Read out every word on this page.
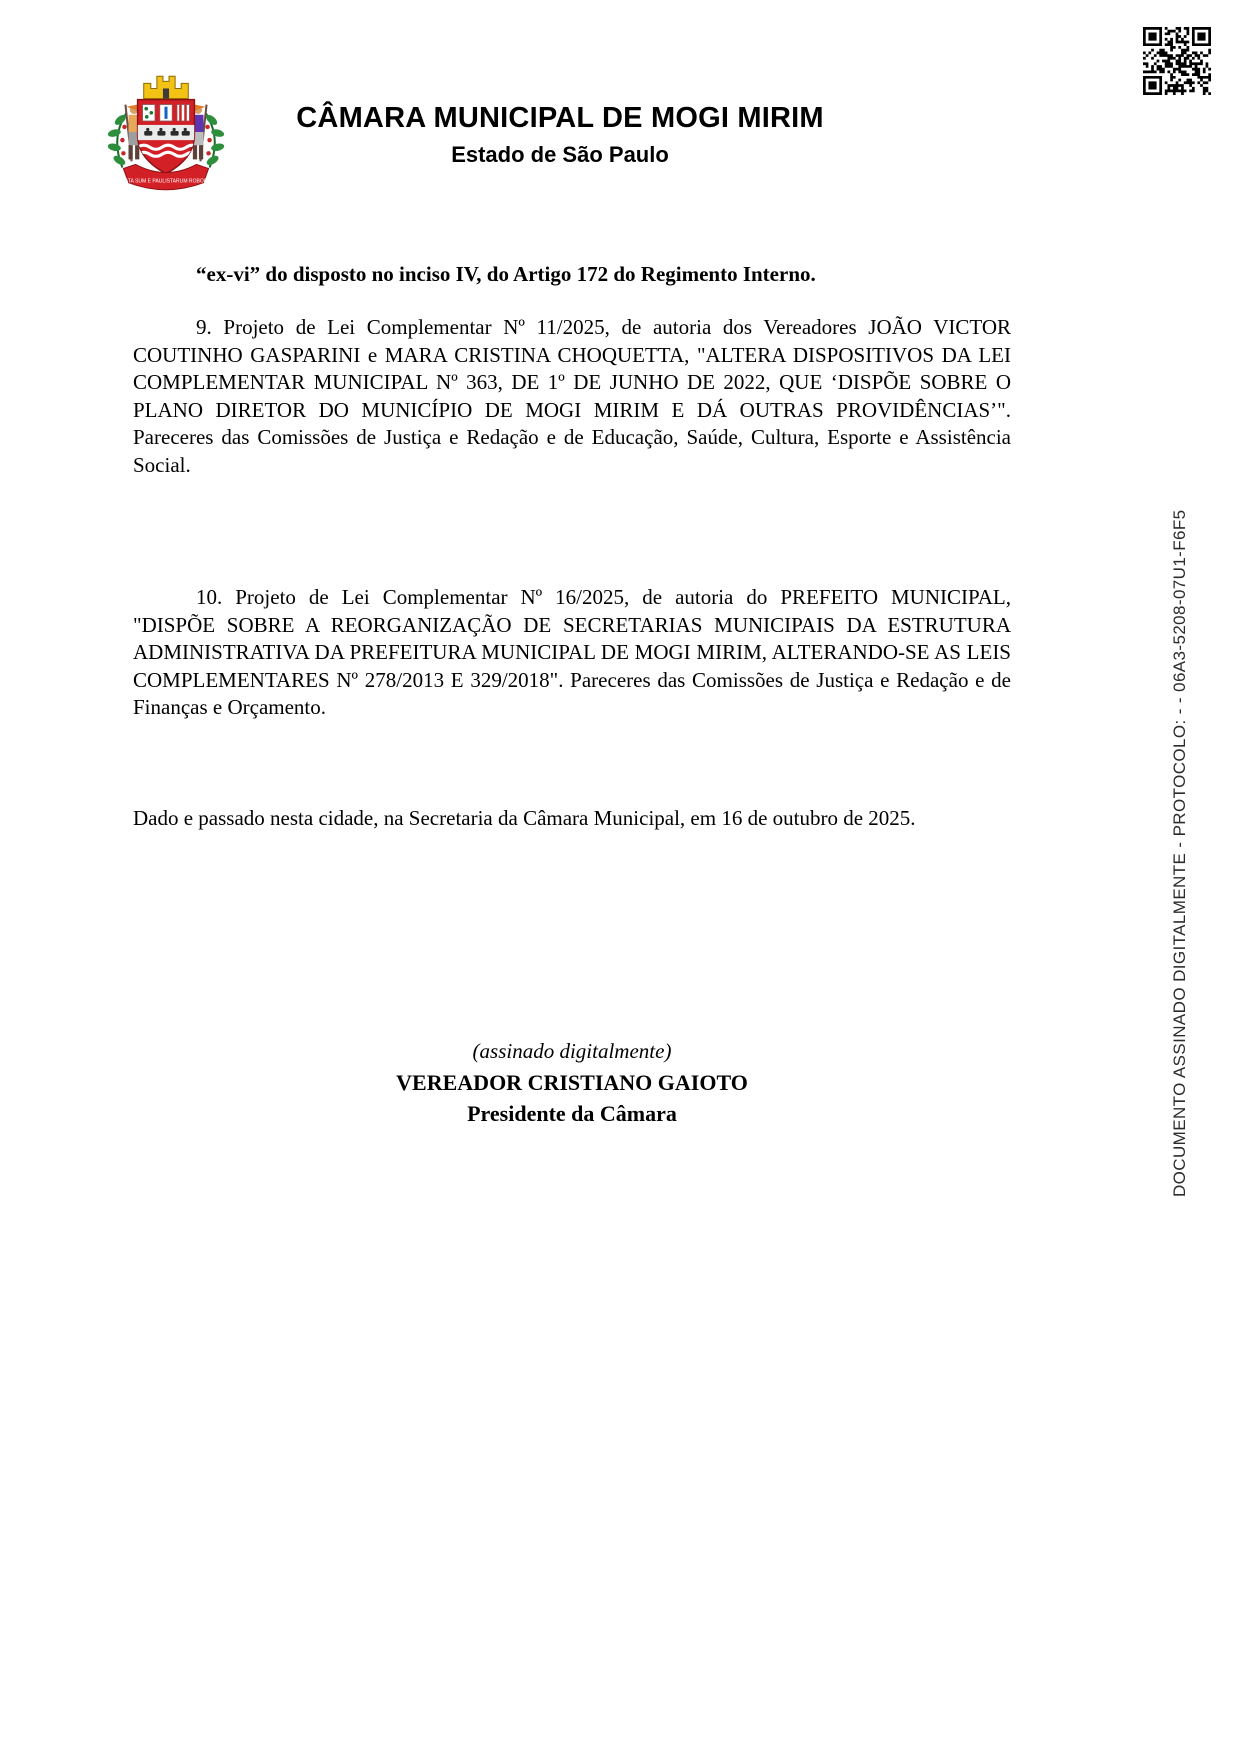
NATA SUM E PAULISTARUM ROBORE
CÂMARA MUNICIPAL DE MOGI MIRIM
Estado de São Paulo

“ex-vi” do disposto no inciso IV, do Artigo 172 do Regimento Interno.

9. Projeto de Lei Complementar Nº 11/2025, de autoria dos Vereadores JOÃO VICTOR COUTINHO GASPARINI e MARA CRISTINA CHOQUETTA, "ALTERA DISPOSITIVOS DA LEI COMPLEMENTAR MUNICIPAL Nº 363, DE 1º DE JUNHO DE 2022, QUE ‘DISPÕE SOBRE O PLANO DIRETOR DO MUNICÍPIO DE MOGI MIRIM E DÁ OUTRAS PROVIDÊNCIAS’". Pareceres das Comissões de Justiça e Redação e de Educação, Saúde, Cultura, Esporte e Assistência Social.

10. Projeto de Lei Complementar Nº 16/2025, de autoria do PREFEITO MUNICIPAL, "DISPÕE SOBRE A REORGANIZAÇÃO DE SECRETARIAS MUNICIPAIS DA ESTRUTURA ADMINISTRATIVA DA PREFEITURA MUNICIPAL DE MOGI MIRIM, ALTERANDO-SE AS LEIS COMPLEMENTARES Nº 278/2013 E 329/2018". Pareceres das Comissões de Justiça e Redação e de Finanças e Orçamento.

Dado e passado nesta cidade, na Secretaria da Câmara Municipal, em 16 de outubro de 2025.

(assinado digitalmente)

VEREADOR CRISTIANO GAIOTO

Presidente da Câmara	DOCUMENTO ASSINADO DIGITALMENTE - PROTOCOLO: - - 06A3-5208-07U1-F6F5
